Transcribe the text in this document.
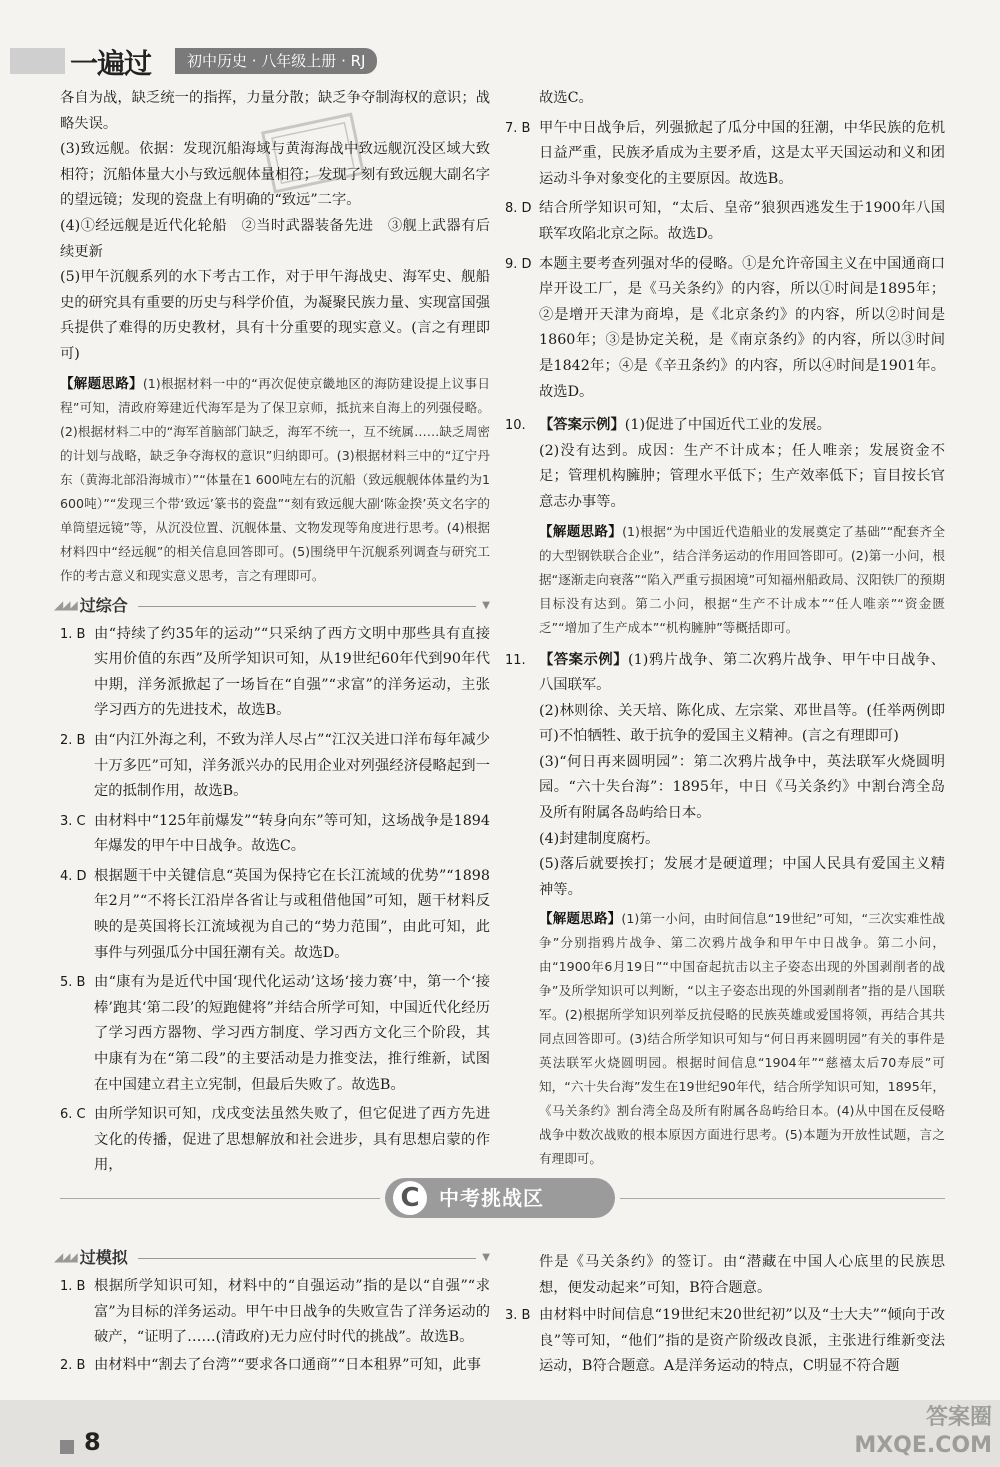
一遍过	初中历史 · 八年级上册 · RJ

各自为战，缺乏统一的指挥，力量分散；缺乏争夺制海权的意识；战略失误。

(3)致远舰。依据：发现沉船海域与黄海海战中致远舰沉没区域大致相符；沉船体量大小与致远舰体量相符；发现了刻有致远舰大副名字的望远镜；发现的瓷盘上有明确的“致远”二字。

(4)①经远舰是近代化轮船　②当时武器装备先进　③舰上武器有后续更新

(5)甲午沉舰系列的水下考古工作，对于甲午海战史、海军史、舰船史的研究具有重要的历史与科学价值，为凝聚民族力量、实现富国强兵提供了难得的历史教材，具有十分重要的现实意义。(言之有理即可)

【解题思路】(1)根据材料一中的“再次促使京畿地区的海防建设提上议事日程”可知，清政府筹建近代海军是为了保卫京师，抵抗来自海上的列强侵略。(2)根据材料二中的“海军首脑部门缺乏，海军不统一，互不统属……缺乏周密的计划与战略，缺乏争夺海权的意识”归纳即可。(3)根据材料三中的“辽宁丹东（黄海北部沿海城市）”“体量在1 600吨左右的沉船（致远舰舰体体量约为1 600吨）”“发现三个带‘致远’篆书的瓷盘”“刻有致远舰大副‘陈金揆’英文名字的单筒望远镜”等，从沉没位置、沉舰体量、文物发现等角度进行思考。(4)根据材料四中“经远舰”的相关信息回答即可。(5)围绕甲午沉舰系列调查与研究工作的考古意义和现实意义思考，言之有理即可。

◢◢◢ 过综合	▼
1. B 由“持续了约35年的运动”“只采纳了西方文明中那些具有直接实用价值的东西”及所学知识可知，从19世纪60年代到90年代中期，洋务派掀起了一场旨在“自强”“求富”的洋务运动，主张学习西方的先进技术，故选B。
2. B 由“内江外海之利，不致为洋人尽占”“江汉关进口洋布每年减少十万多匹”可知，洋务派兴办的民用企业对列强经济侵略起到一定的抵制作用，故选B。
3. C 由材料中“125年前爆发”“转身向东”等可知，这场战争是1894年爆发的甲午中日战争。故选C。
4. D 根据题干中关键信息“英国为保持它在长江流域的优势”“1898年2月”“不将长江沿岸各省让与或租借他国”可知，题干材料反映的是英国将长江流域视为自己的“势力范围”，由此可知，此事件与列强瓜分中国狂潮有关。故选D。
5. B 由“康有为是近代中国‘现代化运动’这场‘接力赛’中，第一个‘接棒’跑其‘第二段’的短跑健将”并结合所学可知，中国近代化经历了学习西方器物、学习西方制度、学习西方文化三个阶段，其中康有为在“第二段”的主要活动是力推变法，推行维新，试图在中国建立君主立宪制，但最后失败了。故选B。
6. C 由所学知识可知，戊戌变法虽然失败了，但它促进了西方先进文化的传播，促进了思想解放和社会进步，具有思想启蒙的作用，
◢◢◢ 过模拟	▼
1. B 根据所学知识可知，材料中的“自强运动”指的是以“自强”“求富”为目标的洋务运动。甲午中日战争的失败宣告了洋务运动的破产，“证明了……(清政府)无力应付时代的挑战”。故选B。
2. B 由材料中“割去了台湾”“要求各口通商”“日本租界”可知，此事
故选C。
7. B 甲午中日战争后，列强掀起了瓜分中国的狂潮，中华民族的危机日益严重，民族矛盾成为主要矛盾，这是太平天国运动和义和团运动斗争对象变化的主要原因。故选B。
8. D 结合所学知识可知，“太后、皇帝”狼狈西逃发生于1900年八国联军攻陷北京之际。故选D。
9. D 本题主要考查列强对华的侵略。①是允许帝国主义在中国通商口岸开设工厂，是《马关条约》的内容，所以①时间是1895年；②是增开天津为商埠，是《北京条约》的内容，所以②时间是1860年；③是协定关税，是《南京条约》的内容，所以③时间是1842年；④是《辛丑条约》的内容，所以④时间是1901年。故选D。
10. 【答案示例】(1)促进了中国近代工业的发展。
(2)没有达到。成因：生产不计成本；任人唯亲；发展资金不足；管理机构臃肿；管理水平低下；生产效率低下；盲目按长官意志办事等。

【解题思路】(1)根据“为中国近代造船业的发展奠定了基础”“配套齐全的大型钢铁联合企业”，结合洋务运动的作用回答即可。(2)第一小问，根据“逐渐走向衰落”“陷入严重亏损困境”可知福州船政局、汉阳铁厂的预期目标没有达到。第二小问，根据“生产不计成本”“任人唯亲”“资金匮乏”“增加了生产成本”“机构臃肿”等概括即可。

11. 【答案示例】(1)鸦片战争、第二次鸦片战争、甲午中日战争、八国联军。
(2)林则徐、关天培、陈化成、左宗棠、邓世昌等。(任举两例即可)不怕牺牲、敢于抗争的爱国主义精神。(言之有理即可)
(3)“何日再来圆明园”：第二次鸦片战争中，英法联军火烧圆明园。“六十失台海”：1895年，中日《马关条约》中割台湾全岛及所有附属各岛屿给日本。
(4)封建制度腐朽。
(5)落后就要挨打；发展才是硬道理；中国人民具有爱国主义精神等。

【解题思路】(1)第一小问，由时间信息“19世纪”可知，“三次实难性战争”分别指鸦片战争、第二次鸦片战争和甲午中日战争。第二小问，由“1900年6月19日”“中国奋起抗击以主子姿态出现的外国剥削者的战争”及所学知识可以判断，“以主子姿态出现的外国剥削者”指的是八国联军。(2)根据所学知识列举反抗侵略的民族英雄或爱国将领，再结合其共同点回答即可。(3)结合所学知识可知与“何日再来圆明园”有关的事件是英法联军火烧圆明园。根据时间信息“1904年”“慈禧太后70寿辰”可知，“六十失台海”发生在19世纪90年代，结合所学知识可知，1895年，《马关条约》割台湾全岛及所有附属各岛屿给日本。(4)从中国在反侵略战争中数次战败的根本原因方面进行思考。(5)本题为开放性试题，言之有理即可。

件是《马关条约》的签订。由“潜藏在中国人心底里的民族思想，便发动起来”可知，B符合题意。
3. B 由材料中时间信息“19世纪末20世纪初”以及“士大夫”“倾向于改良”等可知，“他们”指的是资产阶级改良派，主张进行维新变法运动，B符合题意。A是洋务运动的特点，C明显不符合题
C 中考挑战区
8
答案圈 MXQE.COM
